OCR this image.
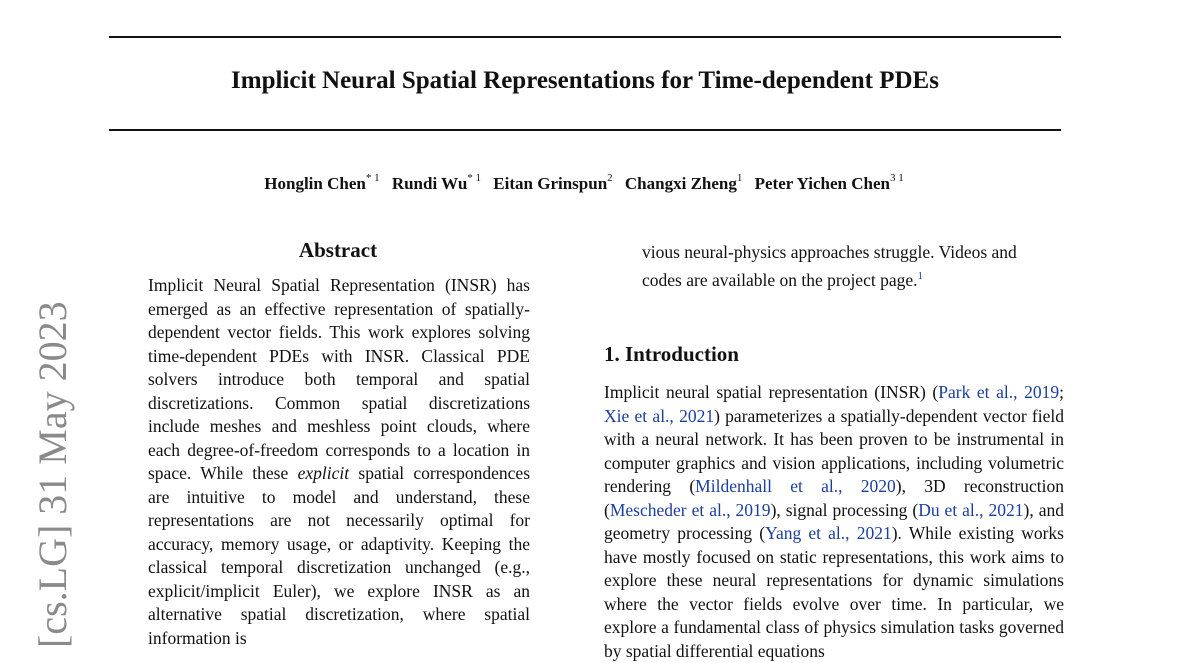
Implicit Neural Spatial Representations for Time-dependent PDEs
Honglin Chen$^{* 1}$ Rundi Wu$^{* 1}$ Eitan Grinspun$^2$ Changxi Zheng$^1$ Peter Yichen Chen$^{3 1}$
[cs.LG] 31 May 2023
Abstract
Implicit Neural Spatial Representation (INSR) has emerged as an effective representation of spatially-dependent vector fields. This work explores solving time-dependent PDEs with INSR. Classical PDE solvers introduce both temporal and spatial discretizations. Common spatial discretizations include meshes and meshless point clouds, where each degree-of-freedom corresponds to a location in space. While these explicit spatial correspondences are intuitive to model and understand, these representations are not necessarily optimal for accuracy, memory usage, or adaptivity. Keeping the classical temporal discretization unchanged (e.g., explicit/implicit Euler), we explore INSR as an alternative spatial discretization, where spatial information is
vious neural-physics approaches struggle. Videos and codes are available on the project page.$^1$
1. Introduction
Implicit neural spatial representation (INSR) (Park et al., 2019; Xie et al., 2021) parameterizes a spatially-dependent vector field with a neural network. It has been proven to be instrumental in computer graphics and vision applications, including volumetric rendering (Mildenhall et al., 2020), 3D reconstruction (Mescheder et al., 2019), signal processing (Du et al., 2021), and geometry processing (Yang et al., 2021). While existing works have mostly focused on static representations, this work aims to explore these neural representations for dynamic simulations where the vector fields evolve over time. In particular, we explore a fundamental class of physics simulation tasks governed by spatial differential equations
